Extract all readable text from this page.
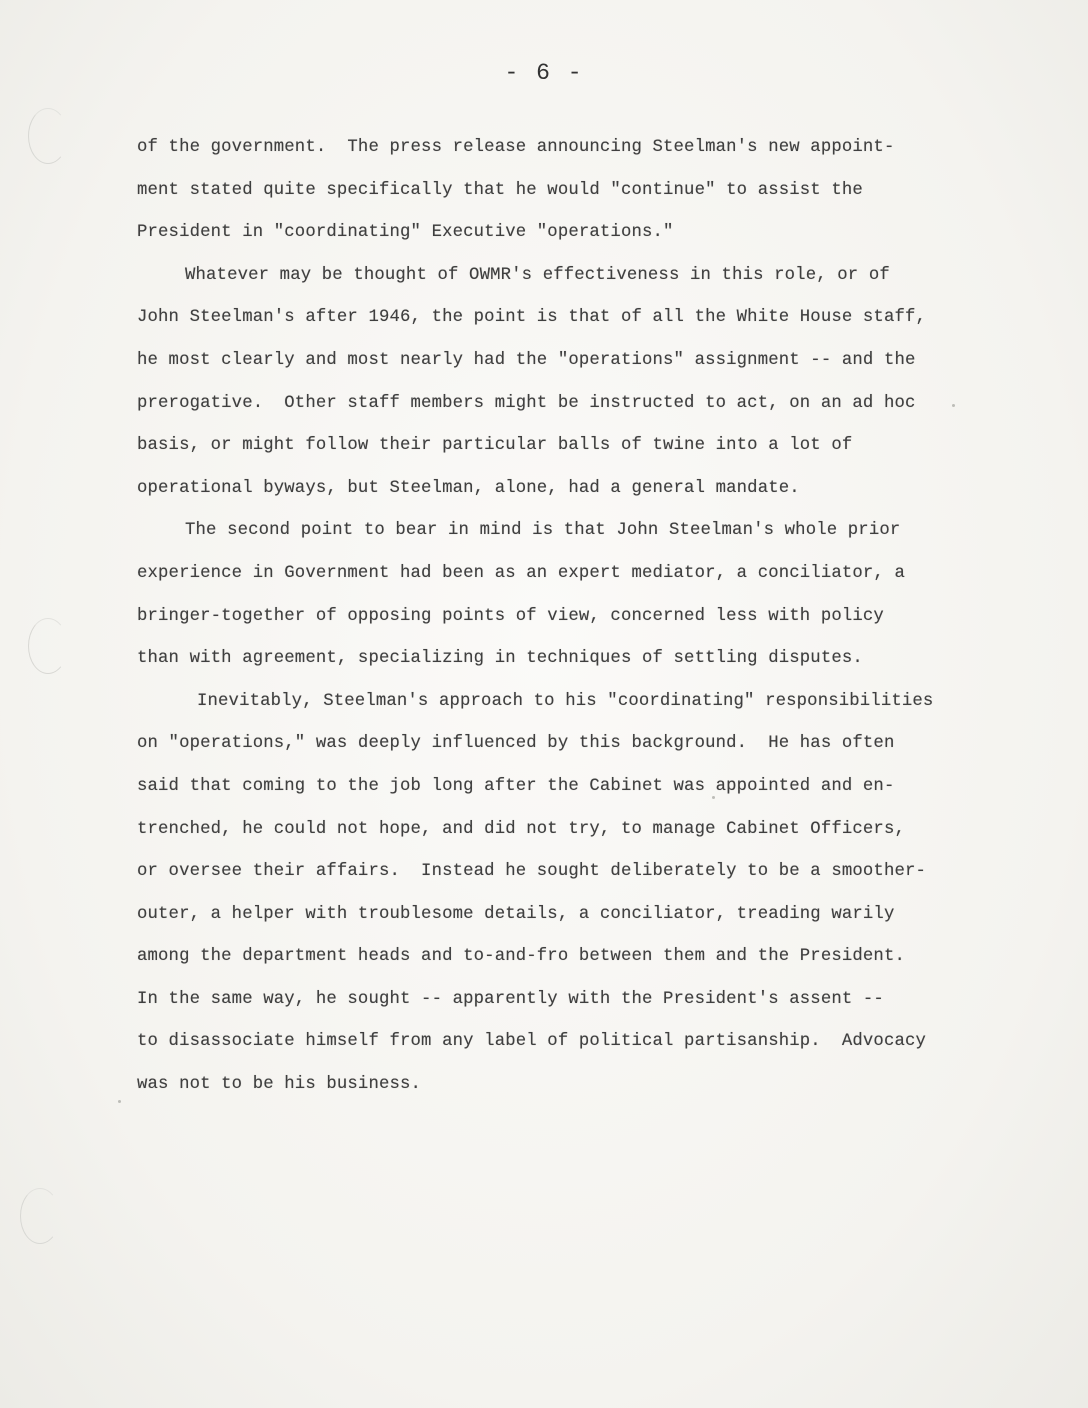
- 6 -
of the government.  The press release announcing Steelman's new appoint-
ment stated quite specifically that he would "continue" to assist the
President in "coordinating" Executive "operations."
Whatever may be thought of OWMR's effectiveness in this role, or of
John Steelman's after 1946, the point is that of all the White House staff,
he most clearly and most nearly had the "operations" assignment -- and the
prerogative.  Other staff members might be instructed to act, on an ad hoc
basis, or might follow their particular balls of twine into a lot of
operational byways, but Steelman, alone, had a general mandate.
The second point to bear in mind is that John Steelman's whole prior
experience in Government had been as an expert mediator, a conciliator, a
bringer-together of opposing points of view, concerned less with policy
than with agreement, specializing in techniques of settling disputes.
Inevitably, Steelman's approach to his "coordinating" responsibilities
on "operations," was deeply influenced by this background.  He has often
said that coming to the job long after the Cabinet was appointed and en-
trenched, he could not hope, and did not try, to manage Cabinet Officers,
or oversee their affairs.  Instead he sought deliberately to be a smoother-
outer, a helper with troublesome details, a conciliator, treading warily
among the department heads and to-and-fro between them and the President.
In the same way, he sought -- apparently with the President's assent --
to disassociate himself from any label of political partisanship.  Advocacy
was not to be his business.
